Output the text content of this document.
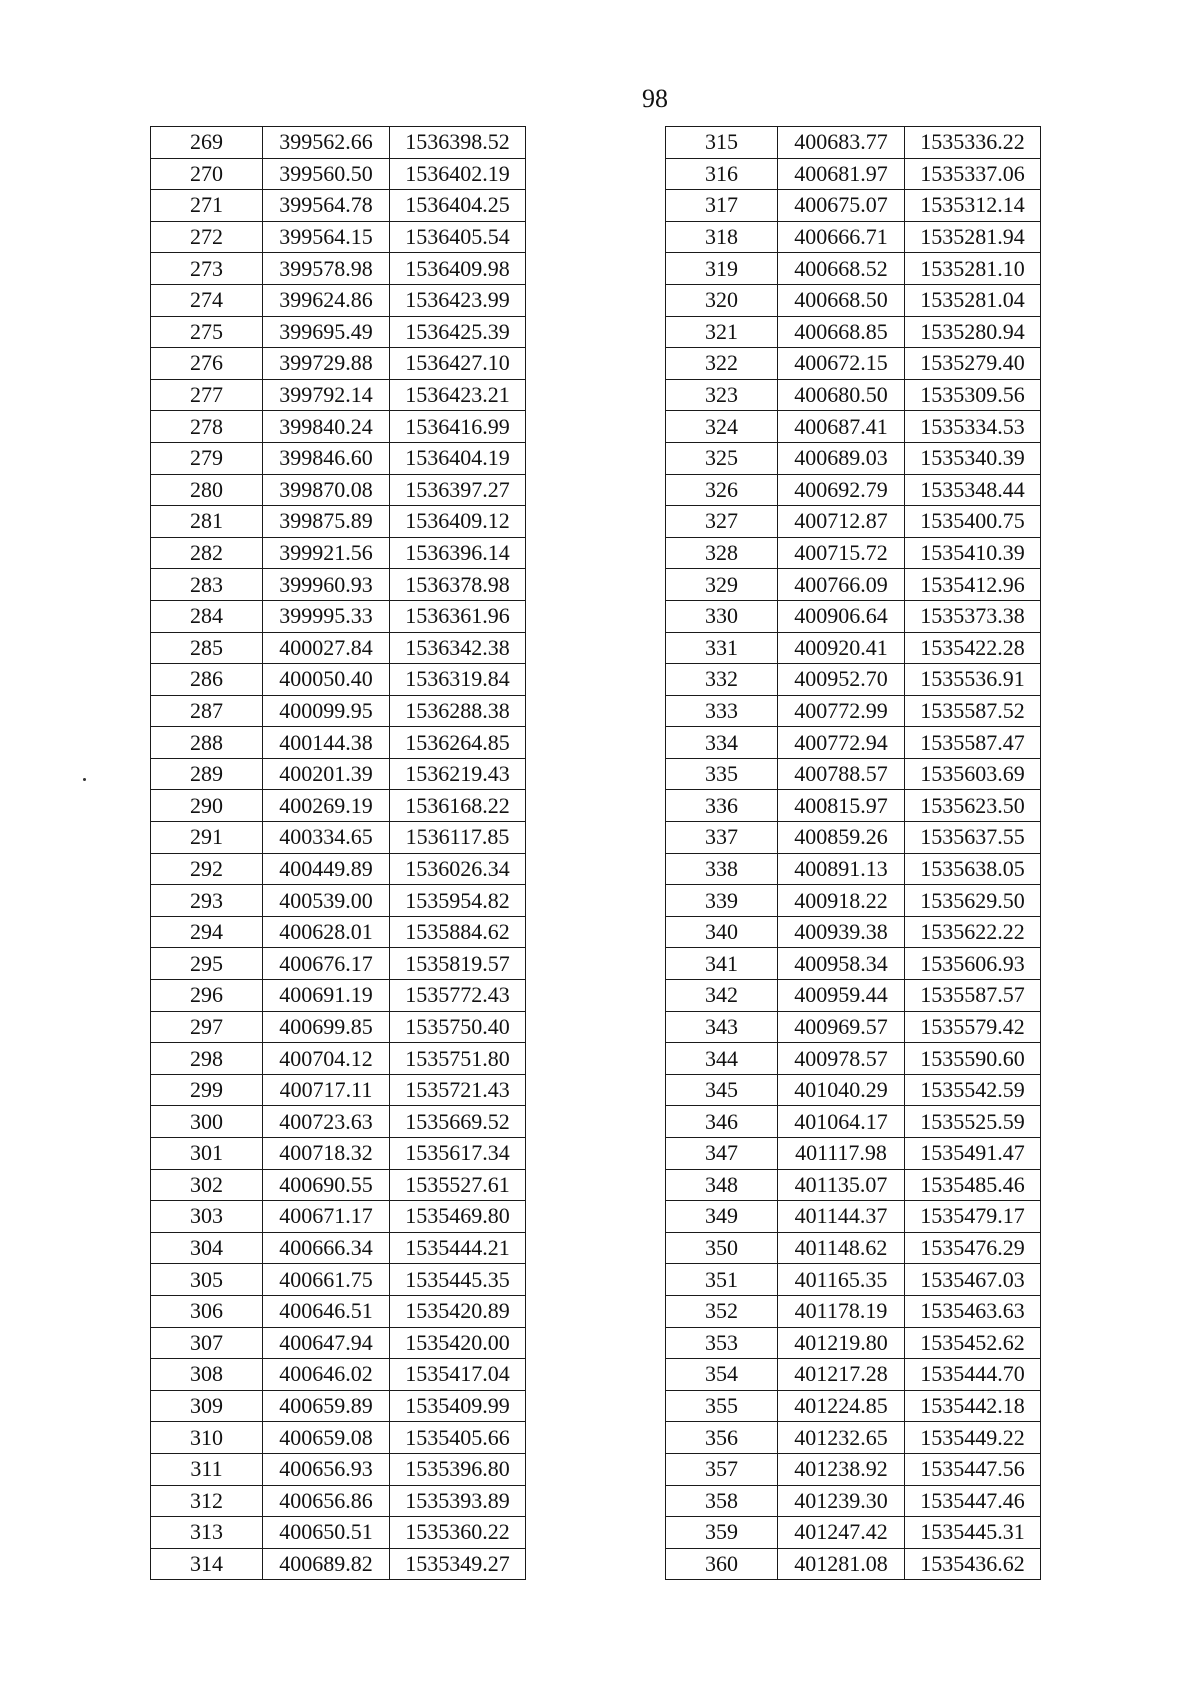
98
269	399562.66	1536398.52
270	399560.50	1536402.19
271	399564.78	1536404.25
272	399564.15	1536405.54
273	399578.98	1536409.98
274	399624.86	1536423.99
275	399695.49	1536425.39
276	399729.88	1536427.10
277	399792.14	1536423.21
278	399840.24	1536416.99
279	399846.60	1536404.19
280	399870.08	1536397.27
281	399875.89	1536409.12
282	399921.56	1536396.14
283	399960.93	1536378.98
284	399995.33	1536361.96
285	400027.84	1536342.38
286	400050.40	1536319.84
287	400099.95	1536288.38
288	400144.38	1536264.85
289	400201.39	1536219.43
290	400269.19	1536168.22
291	400334.65	1536117.85
292	400449.89	1536026.34
293	400539.00	1535954.82
294	400628.01	1535884.62
295	400676.17	1535819.57
296	400691.19	1535772.43
297	400699.85	1535750.40
298	400704.12	1535751.80
299	400717.11	1535721.43
300	400723.63	1535669.52
301	400718.32	1535617.34
302	400690.55	1535527.61
303	400671.17	1535469.80
304	400666.34	1535444.21
305	400661.75	1535445.35
306	400646.51	1535420.89
307	400647.94	1535420.00
308	400646.02	1535417.04
309	400659.89	1535409.99
310	400659.08	1535405.66
311	400656.93	1535396.80
312	400656.86	1535393.89
313	400650.51	1535360.22
314	400689.82	1535349.27
315	400683.77	1535336.22
316	400681.97	1535337.06
317	400675.07	1535312.14
318	400666.71	1535281.94
319	400668.52	1535281.10
320	400668.50	1535281.04
321	400668.85	1535280.94
322	400672.15	1535279.40
323	400680.50	1535309.56
324	400687.41	1535334.53
325	400689.03	1535340.39
326	400692.79	1535348.44
327	400712.87	1535400.75
328	400715.72	1535410.39
329	400766.09	1535412.96
330	400906.64	1535373.38
331	400920.41	1535422.28
332	400952.70	1535536.91
333	400772.99	1535587.52
334	400772.94	1535587.47
335	400788.57	1535603.69
336	400815.97	1535623.50
337	400859.26	1535637.55
338	400891.13	1535638.05
339	400918.22	1535629.50
340	400939.38	1535622.22
341	400958.34	1535606.93
342	400959.44	1535587.57
343	400969.57	1535579.42
344	400978.57	1535590.60
345	401040.29	1535542.59
346	401064.17	1535525.59
347	401117.98	1535491.47
348	401135.07	1535485.46
349	401144.37	1535479.17
350	401148.62	1535476.29
351	401165.35	1535467.03
352	401178.19	1535463.63
353	401219.80	1535452.62
354	401217.28	1535444.70
355	401224.85	1535442.18
356	401232.65	1535449.22
357	401238.92	1535447.56
358	401239.30	1535447.46
359	401247.42	1535445.31
360	401281.08	1535436.62
